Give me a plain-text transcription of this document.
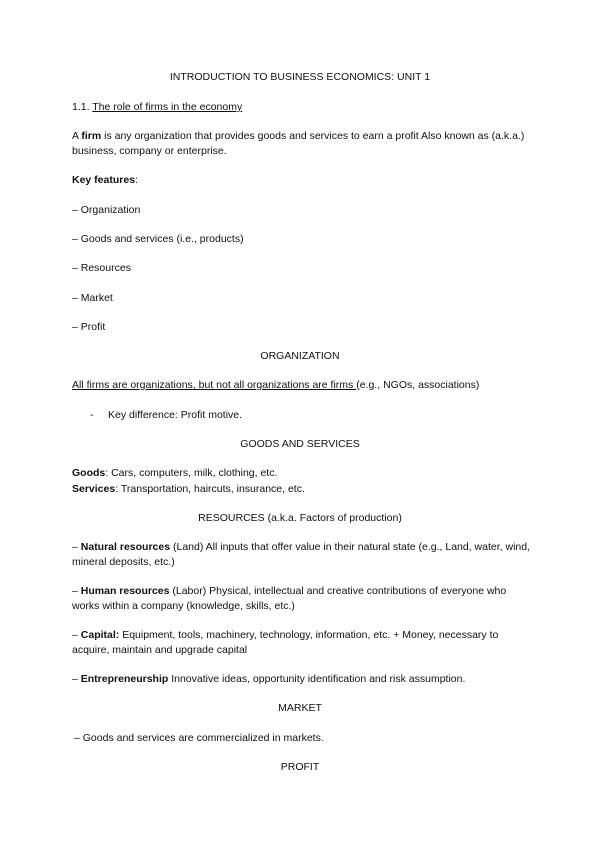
INTRODUCTION TO BUSINESS ECONOMICS: UNIT 1
1.1. The role of firms in the economy
A firm is any organization that provides goods and services to earn a profit Also known as (a.k.a.) business, company or enterprise.
Key features:
– Organization
– Goods and services (i.e., products)
– Resources
– Market
– Profit
ORGANIZATION
All firms are organizations, but not all organizations are firms (e.g., NGOs, associations)
- Key difference: Profit motive.
GOODS AND SERVICES
Goods: Cars, computers, milk, clothing, etc.
Services: Transportation, haircuts, insurance, etc.
RESOURCES (a.k.a. Factors of production)
– Natural resources (Land) All inputs that offer value in their natural state (e.g., Land, water, wind, mineral deposits, etc.)
– Human resources (Labor) Physical, intellectual and creative contributions of everyone who works within a company (knowledge, skills, etc.)
– Capital: Equipment, tools, machinery, technology, information, etc. + Money, necessary to acquire, maintain and upgrade capital
– Entrepreneurship Innovative ideas, opportunity identification and risk assumption.
MARKET
– Goods and services are commercialized in markets.
PROFIT
